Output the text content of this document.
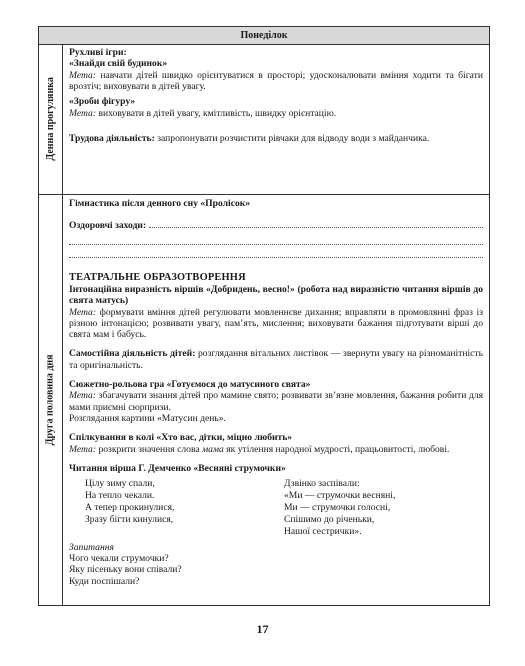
Понеділок
Денна прогулянка
Друга половина дня

Рухливі ігри:

«Знайди свій будинок»

Мета: навчати дітей швидко орієнтуватися в просторі; удосконалювати вміння ходити та бігати врозтіч; виховувати в дітей увагу.

«Зроби фігуру»

Мета: виховувати в дітей увагу, кмітливість, швидку орієнтацію.

Трудова діяльність: запропонувати розчистити рівчаки для відводу води з майданчика.

Гімнастика після денного сну «Пролісок»

Оздоровчі заходи:

ТЕАТРАЛЬНЕ ОБРАЗОТВОРЕННЯ

Інтонаційна виразність віршів «Добридень, весно!» (робота над виразністю читання віршів до свята матусь)

Мета: формувати вміння дітей регулювати мовленнєве дихання; вправляти в промовлянні фраз із різною інтонацією; розвивати увагу, пам’ять, мислення; виховувати бажання підготувати вірші до свята мам і бабусь.

Самостійна діяльність дітей: розглядання вітальних листівок — звернути увагу на різноманітність та оригінальність.

Сюжетно-рольова гра «Готуємося до матусиного свята»

Мета: збагачувати знання дітей про мамине свято; розвивати зв’язне мовлення, бажання робити для мами приємні сюрпризи.

Розглядання картини «Матусин день».

Спілкування в колі «Хто вас, дітки, міцно любить»

Мета: розкрити значення слова мама як утілення народної мудрості, працьовитості, любові.

Читання вірша Г. Демченко «Весняні струмочки»

Цілу зиму спали,
На тепло чекали.
А тепер прокинулися,
Зразу бігти кинулися,
Дзвінко заспівали:
«Ми — струмочки весняні,
Ми — струмочки голосні,
Спішимо до річеньки,
Нашої сестрички».

Запитання

Чого чекали струмочки?

Яку пісеньку вони співали?

Куди поспішали?

17
